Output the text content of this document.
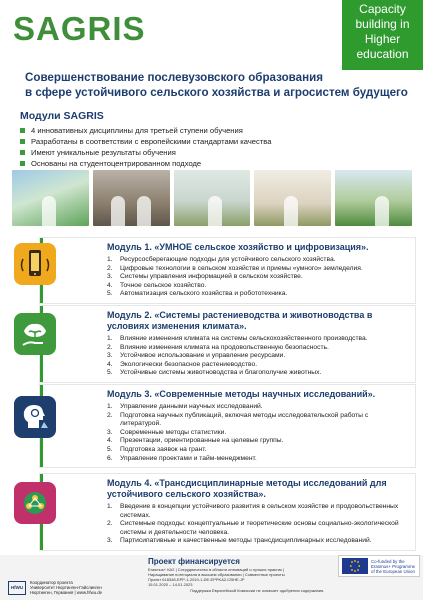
SAGRIS
Capacity
building in
Higher
education
Совершенствование послевузовского образования
в сфере устойчивого сельского хозяйства и агросистем будущего
Модули SAGRIS
4 инновативных дисциплины для третьей ступени обучения
Разработаны в соответствии с европейскими стандартами качества
Имеют уникальные результаты обучения
Основаны на студентоцентрированном подходе
Модуль 1. «УМНОЕ сельское хозяйство и цифровизация».
1.	Ресурсосберегающие подходы для устойчивого сельского хозяйства.
2.	Цифровые технологии в сельском хозяйстве и приемы «умного» земледелия.
3.	Системы управления информацией в сельском хозяйстве.
4.	Точное сельское хозяйство.
5.	Автоматизация сельского хозяйства и робототехника.
Модуль 2. «Системы растениеводства и животноводства в условиях изменения климата».
1.	Влияние изменения климата на системы сельскохозяйственного производства.
2.	Влияние изменения климата на продовольственную безопасность.
3.	Устойчивое использование и управление ресурсами.
4.	Экологически безопасное растениеводство.
5.	Устойчивые системы животноводства и благополучие животных.
Модуль 3. «Современные методы научных исследований».
1.	Управление данными научных исследований.
2.	Подготовка научных публикаций, включая методы исследовательской работы с литературой.
3.	Современные методы статистики.
4.	Презентации, ориентированные на целевые группы.
5.	Подготовка заявок на грант.
6.	Управление проектами и тайм-менеджмент.
Модуль 4. «Трансдисциплинарные методы исследований для устойчивого сельского хозяйства».
1.	Введение в концепции устойчивого развития в сельском хозяйстве и продовольственных системах.
2.	Системные подходы: концептуальные и теоретические основы социально-экологической системы и деятельности человека.
3.	Партисипативные и качественные методы трансдисциплинарных исследований.
Проект финансируется
Erasmus+ КА2 | Сотрудничество в области инноваций и лучших практик |
Наращивание потенциала в высшем образовании | Совместные проекты
Проект 618348-EPP-1-2019-1-DE-EPPKA2-CBHE-JP
15.01.2020 – 14.01.2023
Co-funded by the
Erasmus+ Programme
of the European Union
HfWU
Координатор проекта
Университет Нюртинген-Гайслинген
Нюртинген, Германия | www.hfwu.de	Поддержка Европейской Комиссии не означает одобрения содержания.
